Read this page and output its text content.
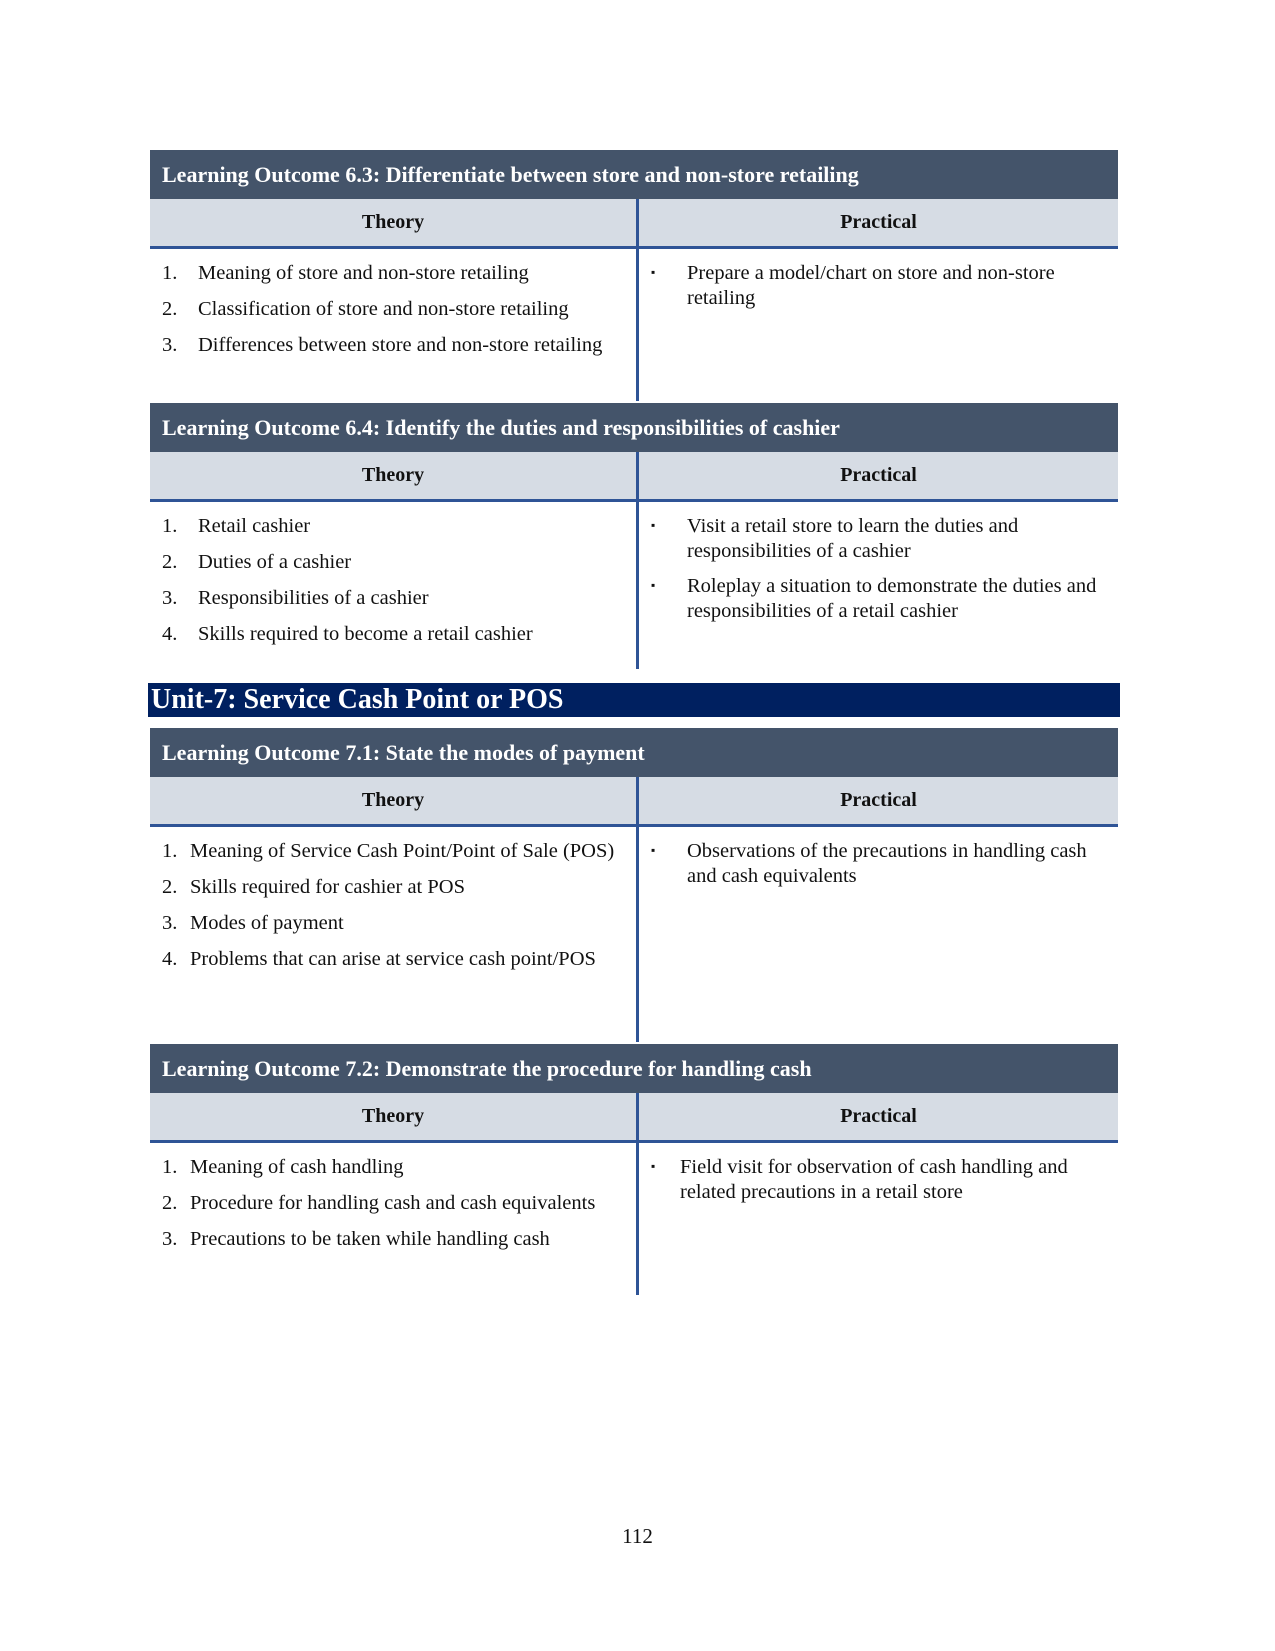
Learning Outcome 6.3: Differentiate between store and non-store retailing
Theory	Practical
1.	Meaning of store and non-store retailing
2.	Classification of store and non-store retailing
3.	Differences between store and non-store retailing
▪	Prepare a model/chart on store and non-store retailing
Learning Outcome 6.4: Identify the duties and responsibilities of cashier
Theory	Practical
1.	Retail cashier
2.	Duties of a cashier
3.	Responsibilities of a cashier
4.	Skills required to become a retail cashier
▪	Visit a retail store to learn the duties and responsibilities of a cashier
▪	Roleplay a situation to demonstrate the duties and responsibilities of a retail cashier
Unit-7: Service Cash Point or POS
Learning Outcome 7.1: State the modes of payment
Theory	Practical
1. Meaning of Service Cash Point/Point of Sale (POS)
2. Skills required for cashier at POS
3. Modes of payment
4. Problems that can arise at service cash point/POS
▪	Observations of the precautions in handling cash and cash equivalents
Learning Outcome 7.2: Demonstrate the procedure for handling cash
Theory	Practical
1. Meaning of cash handling
2. Procedure for handling cash and cash equivalents
3. Precautions to be taken while handling cash
▪	Field visit for observation of cash handling and related precautions in a retail store
112
